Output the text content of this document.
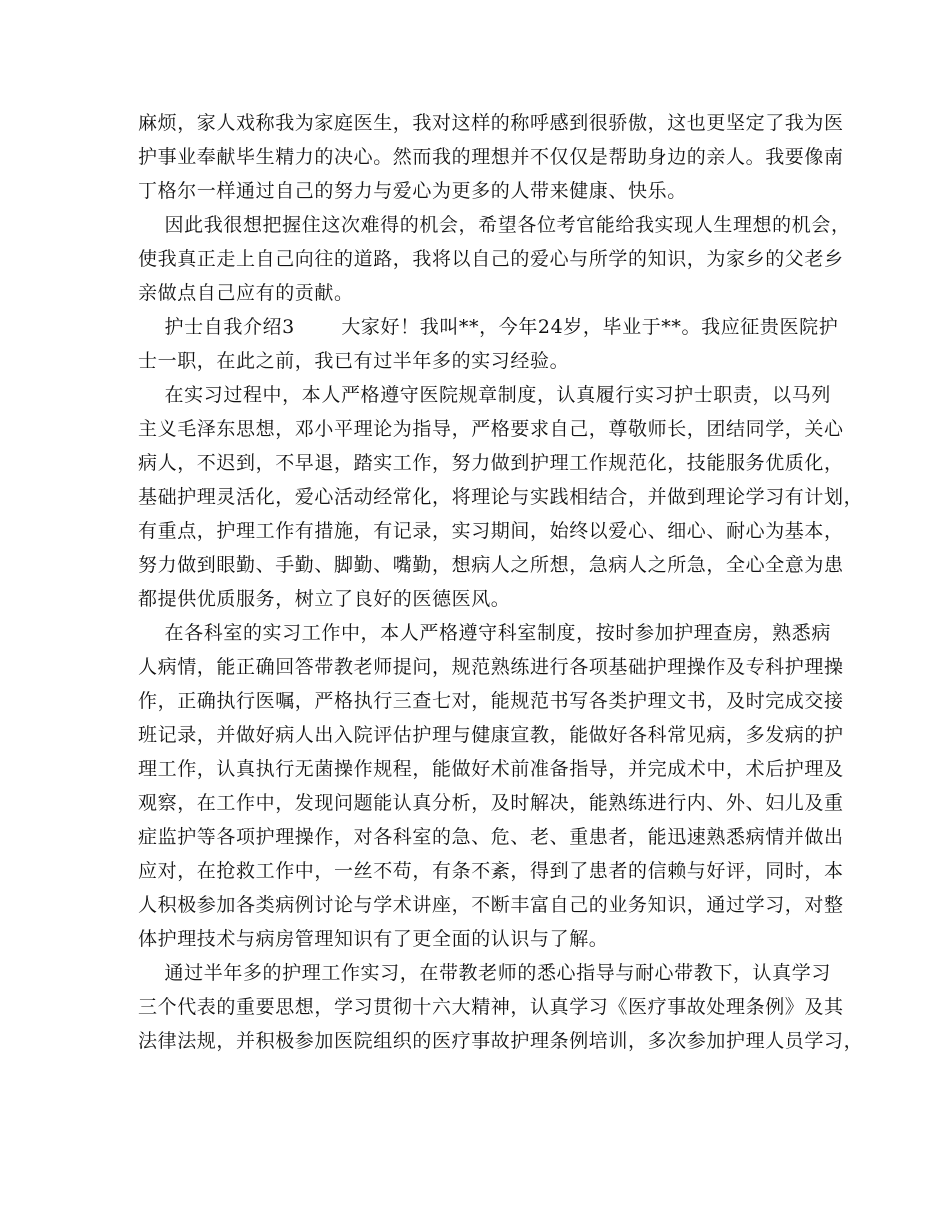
麻烦，家人戏称我为家庭医生，我对这样的称呼感到很骄傲，这也更坚定了我为医
护事业奉献毕生精力的决心。然而我的理想并不仅仅是帮助身边的亲人。我要像南
丁格尔一样通过自己的努力与爱心为更多的人带来健康、快乐。
因此我很想把握住这次难得的机会，希望各位考官能给我实现人生理想的机会，
使我真正走上自己向往的道路，我将以自己的爱心与所学的知识，为家乡的父老乡
亲做点自己应有的贡献。
护士自我介绍3       大家好！我叫**，今年24岁，毕业于**。我应征贵医院护
士一职，在此之前，我已有过半年多的实习经验。
在实习过程中，本人严格遵守医院规章制度，认真履行实习护士职责，以马列
主义毛泽东思想，邓小平理论为指导，严格要求自己，尊敬师长，团结同学，关心
病人，不迟到，不早退，踏实工作，努力做到护理工作规范化，技能服务优质化，
基础护理灵活化，爱心活动经常化，将理论与实践相结合，并做到理论学习有计划，
有重点，护理工作有措施，有记录，实习期间，始终以爱心、细心、耐心为基本，
努力做到眼勤、手勤、脚勤、嘴勤，想病人之所想，急病人之所急，全心全意为患
都提供优质服务，树立了良好的医德医风。
在各科室的实习工作中，本人严格遵守科室制度，按时参加护理查房，熟悉病
人病情，能正确回答带教老师提问，规范熟练进行各项基础护理操作及专科护理操
作，正确执行医嘱，严格执行三查七对，能规范书写各类护理文书，及时完成交接
班记录，并做好病人出入院评估护理与健康宣教，能做好各科常见病，多发病的护
理工作，认真执行无菌操作规程，能做好术前准备指导，并完成术中，术后护理及
观察，在工作中，发现问题能认真分析，及时解决，能熟练进行内、外、妇儿及重
症监护等各项护理操作，对各科室的急、危、老、重患者，能迅速熟悉病情并做出
应对，在抢救工作中，一丝不苟，有条不紊，得到了患者的信赖与好评，同时，本
人积极参加各类病例讨论与学术讲座，不断丰富自己的业务知识，通过学习，对整
体护理技术与病房管理知识有了更全面的认识与了解。
通过半年多的护理工作实习，在带教老师的悉心指导与耐心带教下，认真学习
三个代表的重要思想，学习贯彻十六大精神，认真学习《医疗事故处理条例》及其
法律法规，并积极参加医院组织的医疗事故护理条例培训，多次参加护理人员学习，
